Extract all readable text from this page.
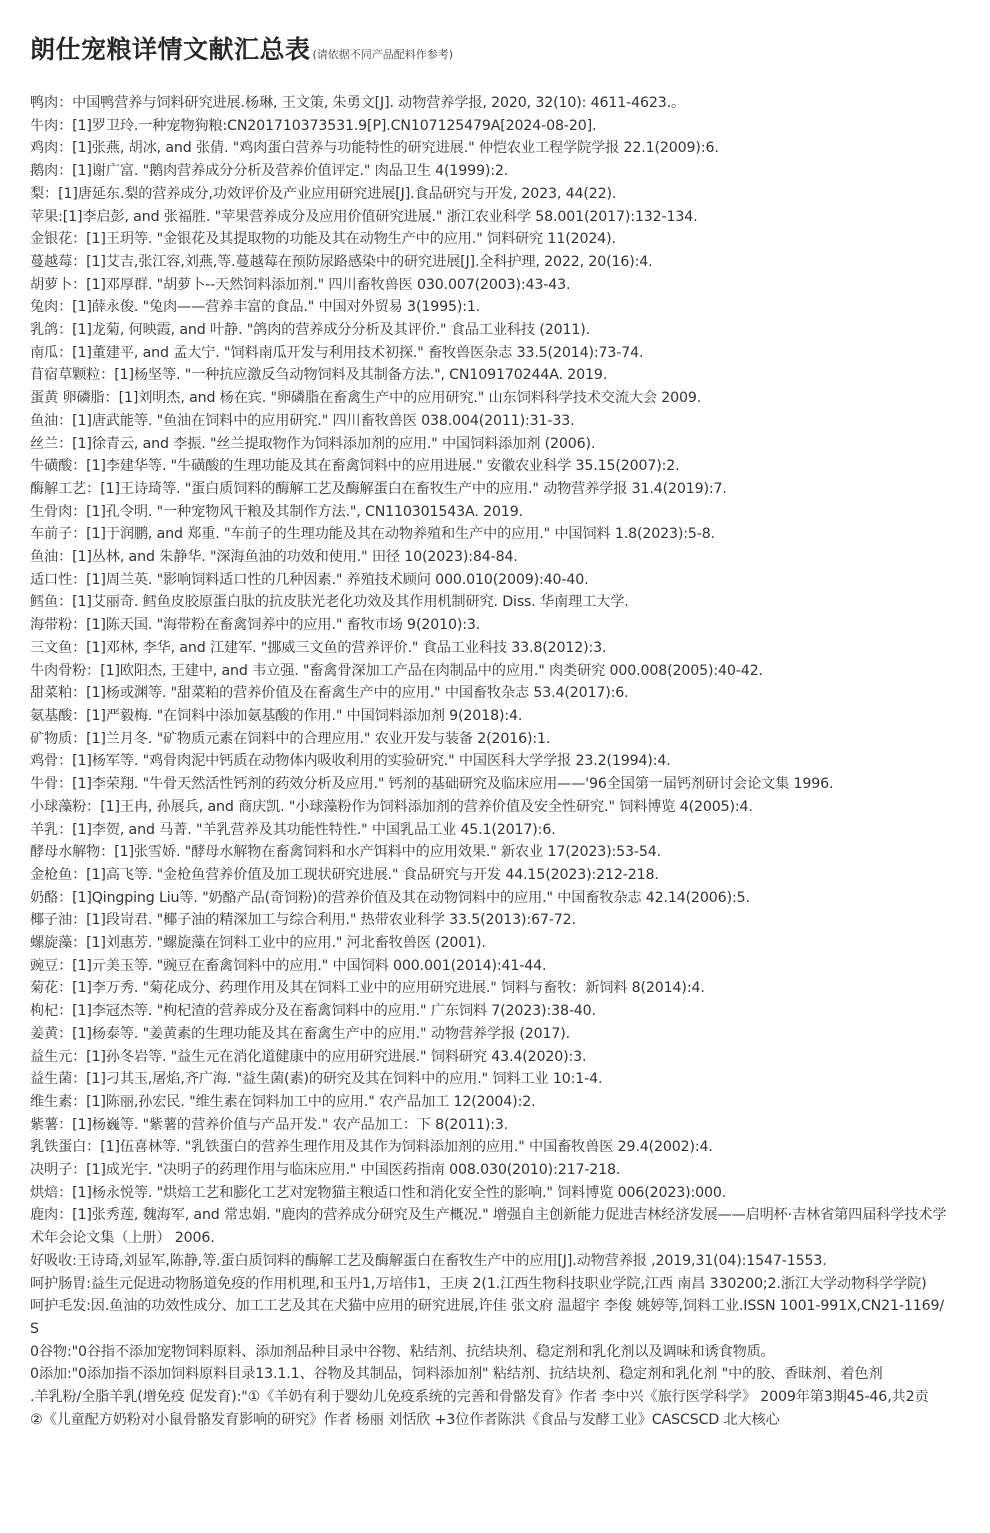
朗仕宠粮详情文献汇总表 (请依据不同产品配料作参考)
鸭肉：中国鸭营养与饲料研究进展.杨琳, 王文策, 朱勇文[J]. 动物营养学报, 2020, 32(10): 4611-4623.。
牛肉：[1]罗卫玲.一种宠物狗粮:CN201710373531.9[P].CN107125479A[2024-08-20].
鸡肉：[1]张燕, 胡冰, and 张倩. "鸡肉蛋白营养与功能特性的研究进展." 仲恺农业工程学院学报 22.1(2009):6.
鹅肉：[1]谢广富. "鹅肉营养成分分析及营养价值评定." 肉品卫生 4(1999):2.
梨：[1]唐延东.梨的营养成分,功效评价及产业应用研究进展[J].食品研究与开发, 2023, 44(22).
苹果:[1]李启彭, and 张福胜. "苹果营养成分及应用价值研究进展." 浙江农业科学 58.001(2017):132-134.
金银花：[1]王玥等. "金银花及其提取物的功能及其在动物生产中的应用." 饲料研究 11(2024).
蔓越莓：[1]艾吉,张江容,刘燕,等.蔓越莓在预防尿路感染中的研究进展[J].全科护理, 2022, 20(16):4.
胡萝卜：[1]邓厚群. "胡萝卜--天然饲料添加剂." 四川畜牧兽医 030.007(2003):43-43.
兔肉：[1]薛永俊. "兔肉——营养丰富的食品." 中国对外贸易 3(1995):1.
乳鸽：[1]龙菊, 何映霞, and 叶静. "鸽肉的营养成分分析及其评价." 食品工业科技 (2011).
南瓜：[1]董建平, and 孟大宁. "饲料南瓜开发与利用技术初探." 畜牧兽医杂志 33.5(2014):73-74.
苜宿草颗粒：[1]杨坚等. "一种抗应激反刍动物饲料及其制备方法.", CN109170244A. 2019.
蛋黄 卵磷脂：[1]刘明杰, and 杨在宾. "卵磷脂在畜禽生产中的应用研究." 山东饲料科学技术交流大会 2009.
鱼油：[1]唐武能等. "鱼油在饲料中的应用研究." 四川畜牧兽医 038.004(2011):31-33.
丝兰：[1]徐青云, and 李振. "丝兰提取物作为饲料添加剂的应用." 中国饲料添加剂 (2006).
牛磺酸：[1]李建华等. "牛磺酸的生理功能及其在畜禽饲料中的应用进展." 安徽农业科学 35.15(2007):2.
酶解工艺：[1]王诗琦等. "蛋白质饲料的酶解工艺及酶解蛋白在畜牧生产中的应用." 动物营养学报 31.4(2019):7.
生骨肉：[1]孔令明. "一种宠物风干粮及其制作方法.", CN110301543A. 2019.
车前子：[1]于润鹏, and 郑重. "车前子的生理功能及其在动物养殖和生产中的应用." 中国饲料 1.8(2023):5-8.
鱼油：[1]丛林, and 朱静华. "深海鱼油的功效和使用." 田径 10(2023):84-84.
适口性：[1]周兰英. "影响饲料适口性的几种因素." 养殖技术顾问 000.010(2009):40-40.
鳕鱼：[1]艾丽奇. 鳕鱼皮胶原蛋白肽的抗皮肤光老化功效及其作用机制研究. Diss. 华南理工大学.
海带粉：[1]陈天国. "海带粉在畜禽饲养中的应用." 畜牧市场 9(2010):3.
三文鱼：[1]邓林, 李华, and 江建军. "挪威三文鱼的营养评价." 食品工业科技 33.8(2012):3.
牛肉骨粉：[1]欧阳杰, 王建中, and 韦立强. "畜禽骨深加工产品在肉制品中的应用." 肉类研究 000.008(2005):40-42.
甜菜粕：[1]杨或渊等. "甜菜粕的营养价值及在畜禽生产中的应用." 中国畜牧杂志 53.4(2017):6.
氨基酸：[1]严毅梅. "在饲料中添加氨基酸的作用." 中国饲料添加剂 9(2018):4.
矿物质：[1]兰月冬. "矿物质元素在饲料中的合理应用." 农业开发与装备 2(2016):1.
鸡骨：[1]杨军等. "鸡骨肉泥中钙质在动物体内吸收利用的实验研究." 中国医科大学学报 23.2(1994):4.
牛骨：[1]李荣翔. "牛骨天然活性钙剂的药效分析及应用." 钙剂的基础研究及临床应用——'96全国第一届钙剂研讨会论文集 1996.
小球藻粉：[1]王冉, 孙展兵, and 商庆凯. "小球藻粉作为饲料添加剂的营养价值及安全性研究." 饲料博览 4(2005):4.
羊乳：[1]李贺, and 马菁. "羊乳营养及其功能性特性." 中国乳品工业 45.1(2017):6.
酵母水解物：[1]张雪娇. "酵母水解物在畜禽饲料和水产饵料中的应用效果." 新农业 17(2023):53-54.
金枪鱼：[1]高飞等. "金枪鱼营养价值及加工现状研究进展." 食品研究与开发 44.15(2023):212-218.
奶酪：[1]Qingping Liu等. "奶酪产品(奇饲粉)的营养价值及其在动物饲料中的应用." 中国畜牧杂志 42.14(2006):5.
椰子油：[1]段岢君. "椰子油的精深加工与综合利用." 热带农业科学 33.5(2013):67-72.
螺旋藻：[1]刘惠芳. "螺旋藻在饲料工业中的应用." 河北畜牧兽医 (2001).
豌豆：[1]亓美玉等. "豌豆在畜禽饲料中的应用." 中国饲料 000.001(2014):41-44.
菊花：[1]李万秀. "菊花成分、药理作用及其在饲料工业中的应用研究进展." 饲料与畜牧：新饲料 8(2014):4.
枸杞：[1]李冠杰等. "枸杞渣的营养成分及在畜禽饲料中的应用." 广东饲料 7(2023):38-40.
姜黄：[1]杨泰等. "姜黄素的生理功能及其在畜禽生产中的应用." 动物营养学报 (2017).
益生元：[1]孙冬岩等. "益生元在消化道健康中的应用研究进展." 饲料研究 43.4(2020):3.
益生菌：[1]刁其玉,屠焰,齐广海. "益生菌(素)的研究及其在饲料中的应用." 饲料工业 10:1-4.
维生素：[1]陈丽,孙宏民. "维生素在饲料加工中的应用." 农产品加工 12(2004):2.
紫薯：[1]杨巍等. "紫薯的营养价值与产品开发." 农产品加工：下 8(2011):3.
乳铁蛋白：[1]伍喜林等. "乳铁蛋白的营养生理作用及其作为饲料添加剂的应用." 中国畜牧兽医 29.4(2002):4.
决明子：[1]成光宇. "决明子的药理作用与临床应用." 中国医药指南 008.030(2010):217-218.
烘焙：[1]杨永悦等. "烘焙工艺和膨化工艺对宠物猫主粮适口性和消化安全性的影响." 饲料博览 006(2023):000.
鹿肉：[1]张秀莲, 魏海军, and 常忠娟. "鹿肉的营养成分研究及生产概况." 增强自主创新能力促进吉林经济发展——启明杯·吉林省第四届科学技术学术年会论文集（上册） 2006.
好吸收:王诗琦,刘显军,陈静,等.蛋白质饲料的酶解工艺及酶解蛋白在畜牧生产中的应用[J].动物营养报 ,2019,31(04):1547-1553.
呵护肠胃:益生元促进动物肠道免疫的作用机理,和玉丹1,万培伟1，王庚 2(1.江西生物科技职业学院,江西 南昌 330200;2.浙江大学动物科学学院)
呵护毛发:因.鱼油的功效性成分、加工工艺及其在犬猫中应用的研究进展,许佳 张文府 温超宇 李俊 姚婷等,饲料工业.ISSN 1001-991X,CN21-1169/S
0谷物:"0谷指不添加宠物饲料原料、添加剂品种目录中谷物、粘结剂、抗结块剂、稳定剂和乳化剂以及调味和诱食物质。
0添加:"0添加指不添加饲料原料目录13.1.1、谷物及其制品，饲料添加剂" 粘结剂、抗结块剂、稳定剂和乳化剂 "中的胶、香昧剂、着色剂
.羊乳粉/全脂羊乳(增免疫 促发育):"①《羊奶有利于婴幼儿免疫系统的完善和骨骼发育》作者 李中兴《旅行医学科学》 2009年第3期45-46,共2贡
②《儿童配方奶粉对小鼠骨骼发育影响的研究》作者 杨丽 刘恬欣 +3位作者陈洪《食品与发酵工业》CASCSCD 北大核心
